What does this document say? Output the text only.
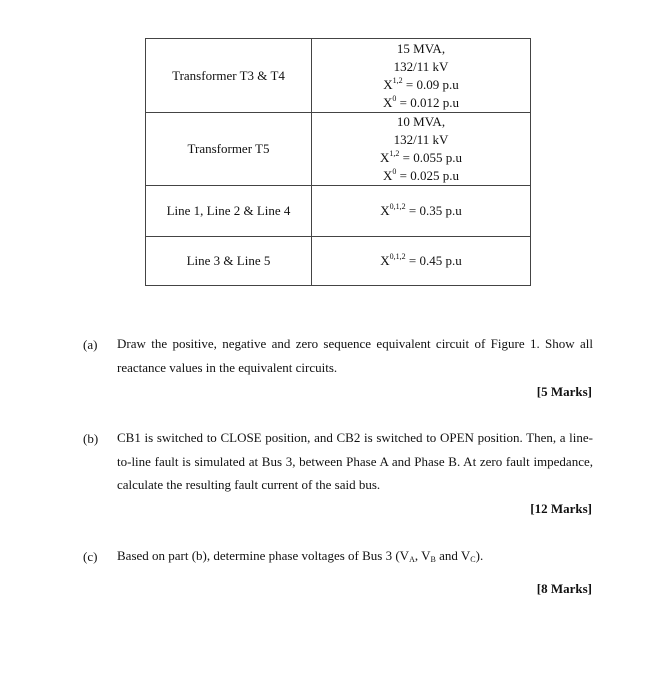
Transformer T3 & T4	15 MVA,
132/11 kV
X$^{1,2}$ = 0.09 p.u
$X^0 = 0.012$ p.u

Transformer T5	10 MVA,
132/11 kV
X$^{1,2}$ = 0.055 p.u
$X^0 = 0.025$ p.u

Line 1, Line 2 & Line 4	X$^{0,1,2}$ = 0.35 p.u
Line 3 & Line 5	X$^{0,1,2}$ = 0.45 p.u
(a) Draw the positive, negative and zero sequence equivalent circuit of Figure 1. Show all reactance values in the equivalent circuits.
[5 Marks]
(b) CB1 is switched to CLOSE position, and CB2 is switched to OPEN position. Then, a line-to-line fault is simulated at Bus 3, between Phase A and Phase B. At zero fault impedance, calculate the resulting fault current of the said bus.
[12 Marks]
(c) Based on part (b), determine phase voltages of Bus 3 ($V_A$, $V_B$ and $V_C$).
[8 Marks]
